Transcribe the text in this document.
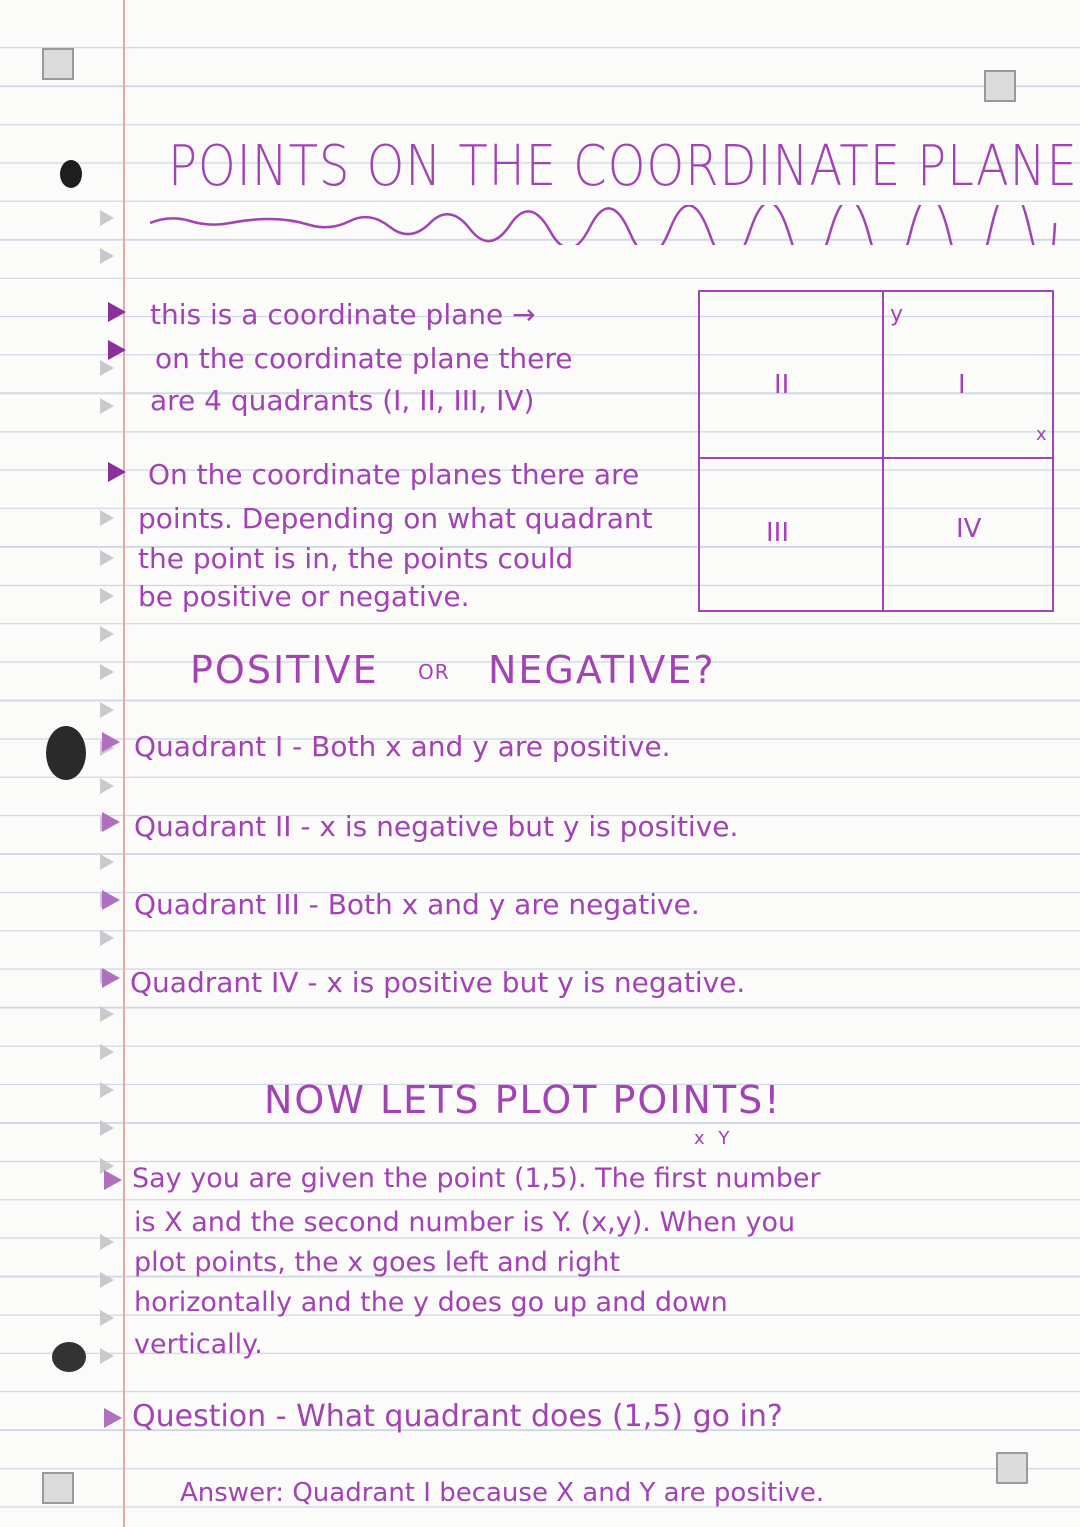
POINTS ON THE COORDINATE PLANE
this is a coordinate plane →
on the coordinate plane there
are 4 quadrants (I, II, III, IV)
On the coordinate planes there are
points. Depending on what quadrant
the point is in, the points could
be positive or negative.
y
x
II	I
III	IV
POSITIVE OR NEGATIVE?
Quadrant I - Both x and y are positive.
Quadrant II - x is negative but y is positive.
Quadrant III - Both x and y are negative.
Quadrant IV - x is positive but y is negative.
NOW LETS PLOT POINTS!
x Y
Say you are given the point (1,5). The first number
is X and the second number is Y. (x,y). When you
plot points, the x goes left and right
horizontally and the y does go up and down
vertically.
Question - What quadrant does (1,5) go in?
Answer: Quadrant I because X and Y are positive.
